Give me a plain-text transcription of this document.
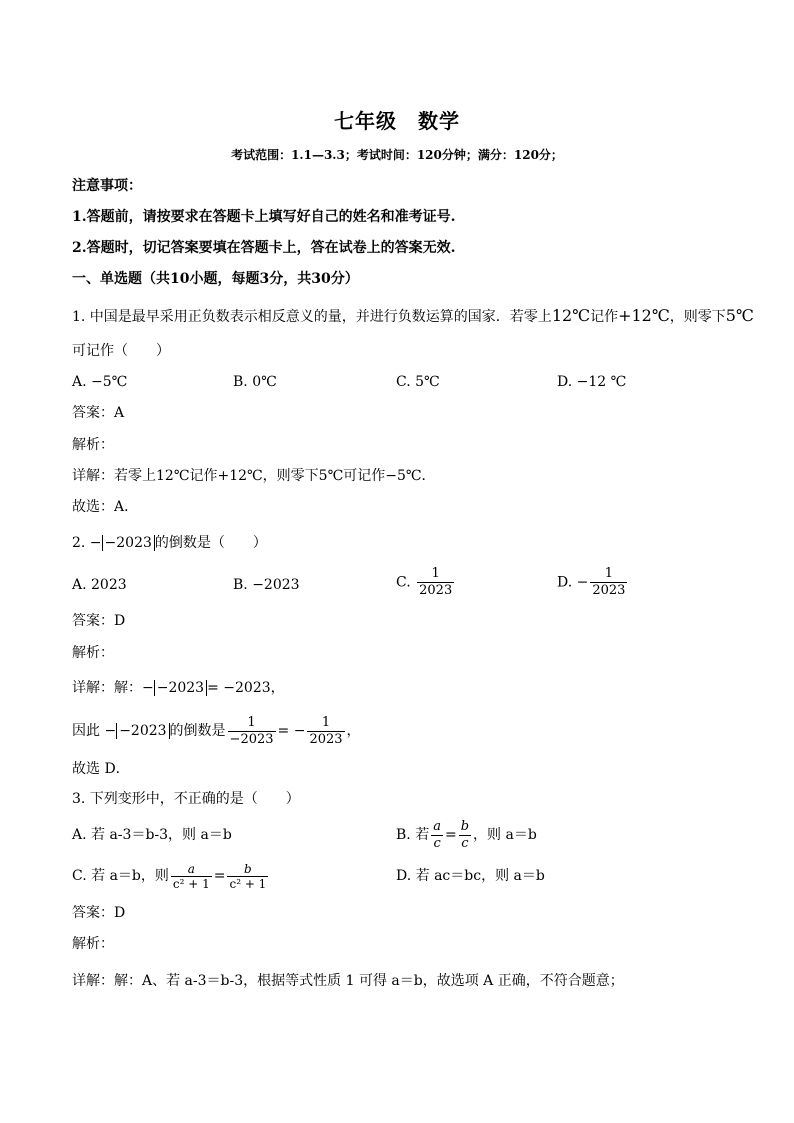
七年级　数学
考试范围：1.1—3.3；考试时间：120分钟；满分：120分；
注意事项：
1.答题前，请按要求在答题卡上填写好自己的姓名和准考证号.
2.答题时，切记答案要填在答题卡上，答在试卷上的答案无效.
一、单选题（共10小题，每题3分，共30分）
1. 中国是最早采用正负数表示相反意义的量，并进行负数运算的国家．若零上12℃记作+12℃，则零下5℃
可记作（　　）
A. −5℃	B. 0℃	C. 5℃	D. −12 ℃
答案：A
解析：
详解：若零上12℃记作+12℃，则零下5℃可记作−5℃．
故选：A．
2. − −2023 的倒数是（　　）
A. 2023	B. −2023	C. $\frac{1}{2023}$	D. − $\frac{1}{2023}$
答案：D
解析：
详解：解：− −2023 = −2023，
因此 − −2023 的倒数是 $\frac{1}{-2023}$ = − $\frac{1}{2023}$ ，
故选 D．
3. 下列变形中，不正确的是（　　）
A. 若 a-3＝b-3，则 a＝b	B. 若 $\frac{a}{c} = \frac{b}{c}$ ，则 a＝b
C. 若 a＝b，则 $\frac{a}{\text{c² + 1}} = \frac{b}{\text{c² + 1}}$	D. 若 ac＝bc，则 a＝b
答案：D
解析：
详解：解：A、若 a-3＝b-3，根据等式性质 1 可得 a＝b，故选项 A 正确，不符合题意；
